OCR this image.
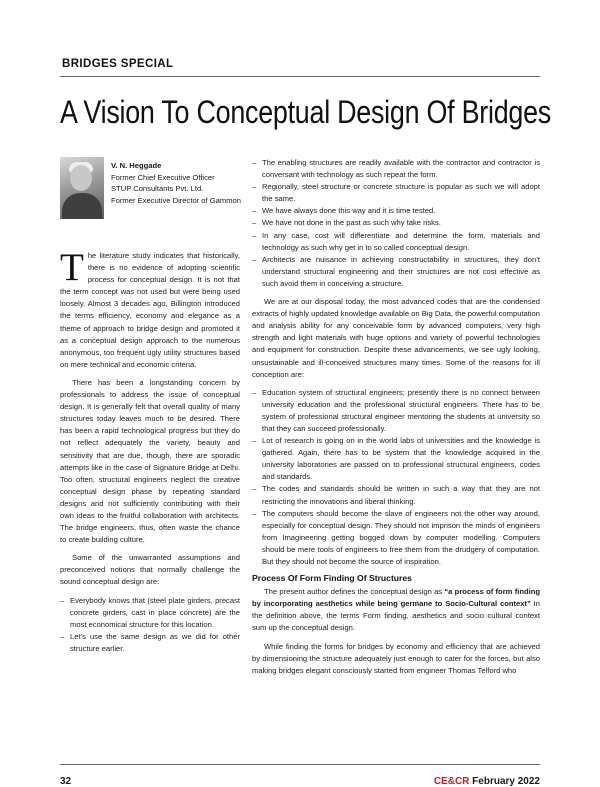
BRIDGES SPECIAL
A Vision To Conceptual Design Of Bridges
V. N. Heggade
Former Chief Executive Officer
STUP Consultants Pvt. Ltd.
Former Executive Director of Gammon

The literature study indicates that historically, there is no evidence of adopting scientific process for conceptual design. It is not that the term concept was not used but were being used loosely. Almost 3 decades ago, Billington introduced the terms efficiency, economy and elegance as a theme of approach to bridge design and promoted it as a conceptual design approach to the numerous anonymous, too frequent ugly utility structures based on mere technical and economic criteria.

There has been a longstanding concern by professionals to address the issue of conceptual design. It is generally felt that overall quality of many structures today leaves much to be desired. There has been a rapid technological progress but they do not reflect adequately the variety, beauty and sensitivity that are due, though, there are sporadic attempts like in the case of Signature Bridge at Delhi. Too often, structural engineers neglect the creative conceptual design phase by repeating standard designs and not sufficiently contributing with their own ideas to the fruitful collaboration with architects. The bridge engineers, thus, often waste the chance to create building culture.

Some of the unwarranted assumptions and preconceived notions that normally challenge the sound conceptual design are:

– Everybody knows that (steel plate girders, precast concrete girders, cast in place concrete) are the most economical structure for this location.
– Let’s use the same design as we did for other structure earlier.
– The enabling structures are readily available with the contractor and contractor is conversant with technology as such repeat the form.
– Regionally, steel structure or concrete structure is popular as such we will adopt the same.
– We have always done this way and it is time tested.
– We have not done in the past as such why take risks.
– In any case, cost will differentiate and determine the form, materials and technology as such why get in to so called conceptual design.
– Architects are nuisance in achieving constructability in structures, they don’t understand structural engineering and their structures are not cost effective as such avoid them in conceiving a structure.

We are at our disposal today, the most advanced codes that are the condensed extracts of highly updated knowledge available on Big Data, the powerful computation and analysis ability for any conceivable form by advanced computers, very high strength and light materials with huge options and variety of powerful technologies and equipment for construction. Despite these advancements, we see ugly looking, unsustainable and ill-conceived structures many times. Some of the reasons for ill conception are:

– Education system of structural engineers; presently there is no connect between university education and the professional structural engineers. There has to be system of professional structural engineer mentoring the students at university so that they can succeed professionally.
– Lot of research is going on in the world labs of universities and the knowledge is gathered. Again, there has to be system that the knowledge acquired in the university laboratories are passed on to professional structural engineers, codes and standards.
– The codes and standards should be written in such a way that they are not restricting the innovations and liberal thinking.
– The computers should become the slave of engineers not the other way around, especially for conceptual design. They should not imprison the minds of engineers from Imagineering getting bogged down by computer modelling. Computers should be mere tools of engineers to free them from the drudgery of computation. But they should not become the source of inspiration.

Process Of Form Finding Of Structures

The present author defines the conceptual design as “a process of form finding by incorporating aesthetics while being germane to Socio-Cultural context” In the definition above, the terms Form finding, aesthetics and socio cultural context sum up the conceptual design.

While finding the forms for bridges by economy and efficiency that are achieved by dimensioning the structure adequately just enough to cater for the forces, but also making bridges elegant consciously started from engineer Thomas Telford who

32	CE&CR February 2022
